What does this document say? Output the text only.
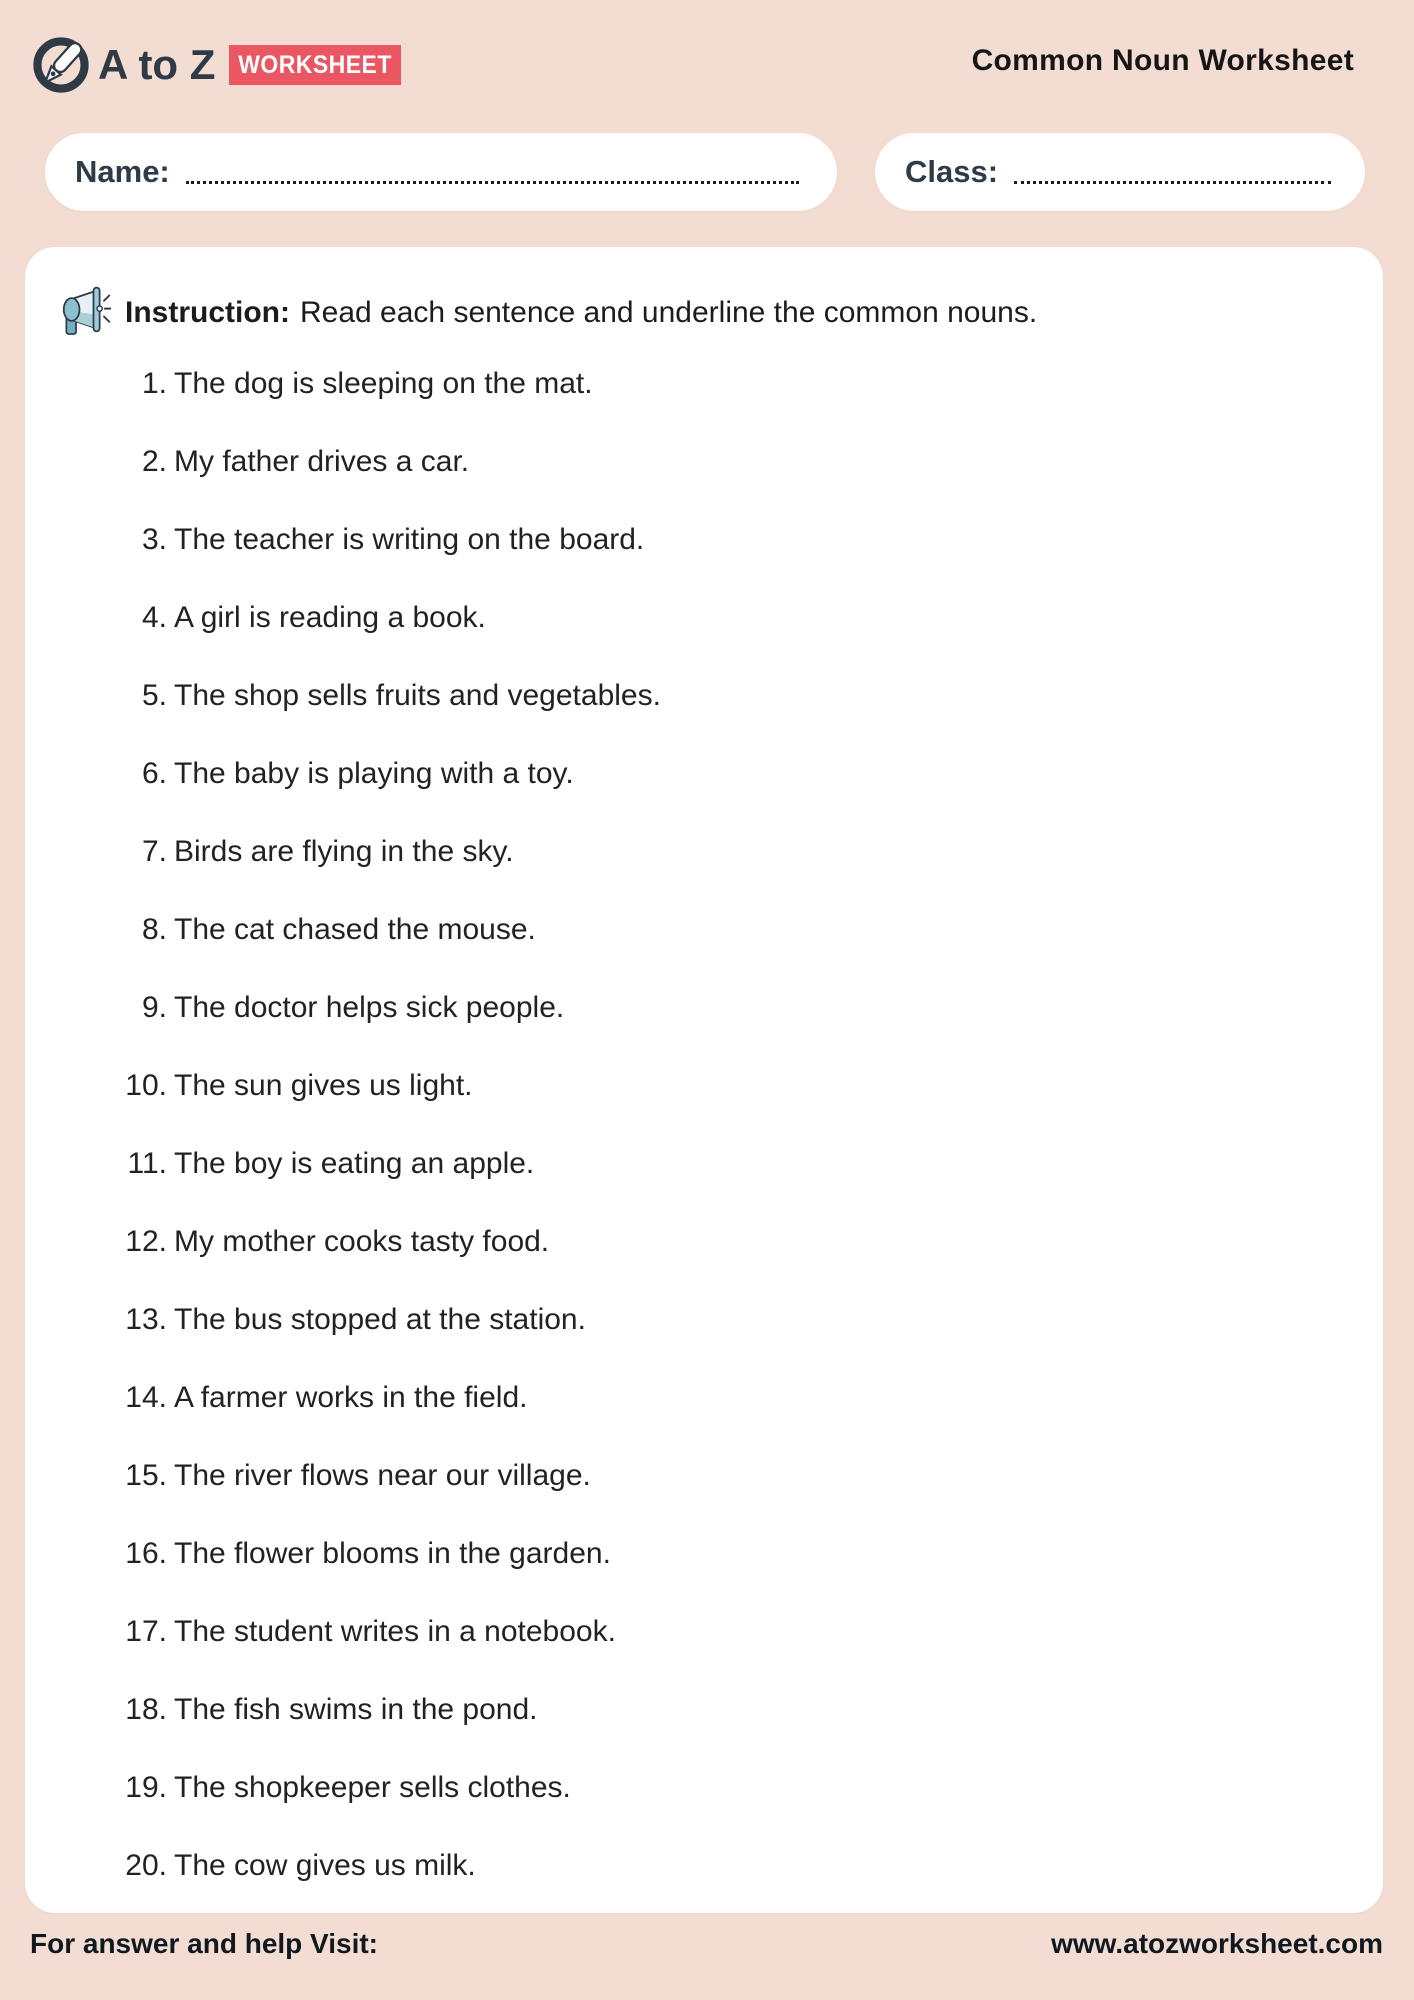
A to Z WORKSHEET	Common Noun Worksheet
Name:	Class:
Instruction: Read each sentence and underline the common nouns.
1. The dog is sleeping on the mat.
2. My father drives a car.
3. The teacher is writing on the board.
4. A girl is reading a book.
5. The shop sells fruits and vegetables.
6. The baby is playing with a toy.
7. Birds are flying in the sky.
8. The cat chased the mouse.
9. The doctor helps sick people.
10. The sun gives us light.
11. The boy is eating an apple.
12. My mother cooks tasty food.
13. The bus stopped at the station.
14. A farmer works in the field.
15. The river flows near our village.
16. The flower blooms in the garden.
17. The student writes in a notebook.
18. The fish swims in the pond.
19. The shopkeeper sells clothes.
20. The cow gives us milk.
For answer and help Visit:	www.atozworksheet.com
